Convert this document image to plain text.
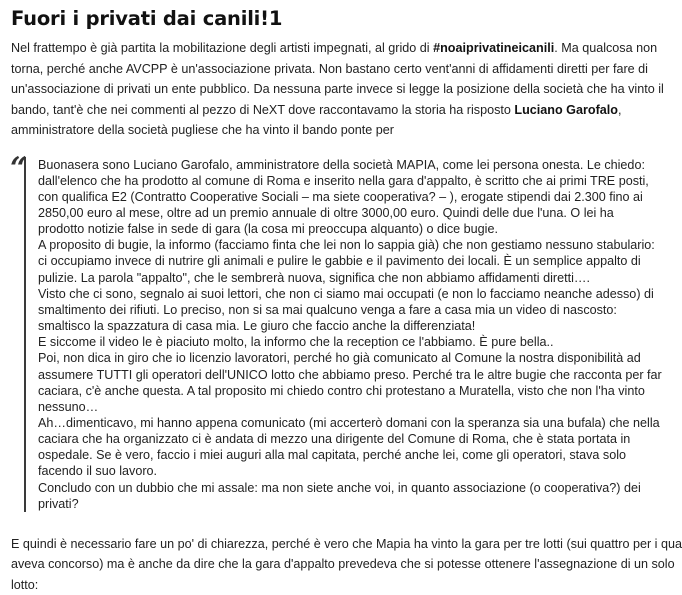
Fuori i privati dai canili!1

Nel frattempo è già partita la mobilitazione degli artisti impegnati, al grido di #noaiprivatineicanili. Ma qualcosa non
torna, perché anche AVCPP è un'associazione privata. Non bastano certo vent'anni di affidamenti diretti per fare di
un'associazione di privati un ente pubblico. Da nessuna parte invece si legge la posizione della società che ha vinto il
bando, tant'è che nei commenti al pezzo di NeXT dove raccontavamo la storia ha risposto Luciano Garofalo,
amministratore della società pugliese che ha vinto il bando ponte per

“ Buonasera sono Luciano Garofalo, amministratore della società MAPIA, come lei persona onesta. Le chiedo:
dall'elenco che ha prodotto al comune di Roma e inserito nella gara d'appalto, è scritto che ai primi TRE posti,
con qualifica E2 (Contratto Cooperative Sociali – ma siete cooperativa? – ), erogate stipendi dai 2.300 fino ai
2850,00 euro al mese, oltre ad un premio annuale di oltre 3000,00 euro. Quindi delle due l'una. O lei ha
prodotto notizie false in sede di gara (la cosa mi preoccupa alquanto) o dice bugie.
A proposito di bugie, la informo (facciamo finta che lei non lo sappia già) che non gestiamo nessuno stabulario:
ci occupiamo invece di nutrire gli animali e pulire le gabbie e il pavimento dei locali. È un semplice appalto di
pulizie. La parola "appalto", che le sembrerà nuova, significa che non abbiamo affidamenti diretti….
Visto che ci sono, segnalo ai suoi lettori, che non ci siamo mai occupati (e non lo facciamo neanche adesso) di
smaltimento dei rifiuti. Lo preciso, non si sa mai qualcuno venga a fare a casa mia un video di nascosto:
smaltisco la spazzatura di casa mia. Le giuro che faccio anche la differenziata!
E siccome il video le è piaciuto molto, la informo che la reception ce l'abbiamo. È pure bella..
Poi, non dica in giro che io licenzio lavoratori, perché ho già comunicato al Comune la nostra disponibilità ad
assumere TUTTI gli operatori dell'UNICO lotto che abbiamo preso. Perché tra le altre bugie che racconta per far
caciara, c'è anche questa. A tal proposito mi chiedo contro chi protestano a Muratella, visto che non l'ha vinto
nessuno…
Ah…dimenticavo, mi hanno appena comunicato (mi accerterò domani con la speranza sia una bufala) che nella
caciara che ha organizzato ci è andata di mezzo una dirigente del Comune di Roma, che è stata portata in
ospedale. Se è vero, faccio i miei auguri alla mal capitata, perché anche lei, come gli operatori, stava solo
facendo il suo lavoro.
Concludo con un dubbio che mi assale: ma non siete anche voi, in quanto associazione (o cooperativa?) dei
privati?

E quindi è necessario fare un po' di chiarezza, perché è vero che Mapia ha vinto la gara per tre lotti (sui quattro per i qua
aveva concorso) ma è anche da dire che la gara d'appalto prevedeva che si potesse ottenere l'assegnazione di un solo
lotto:
